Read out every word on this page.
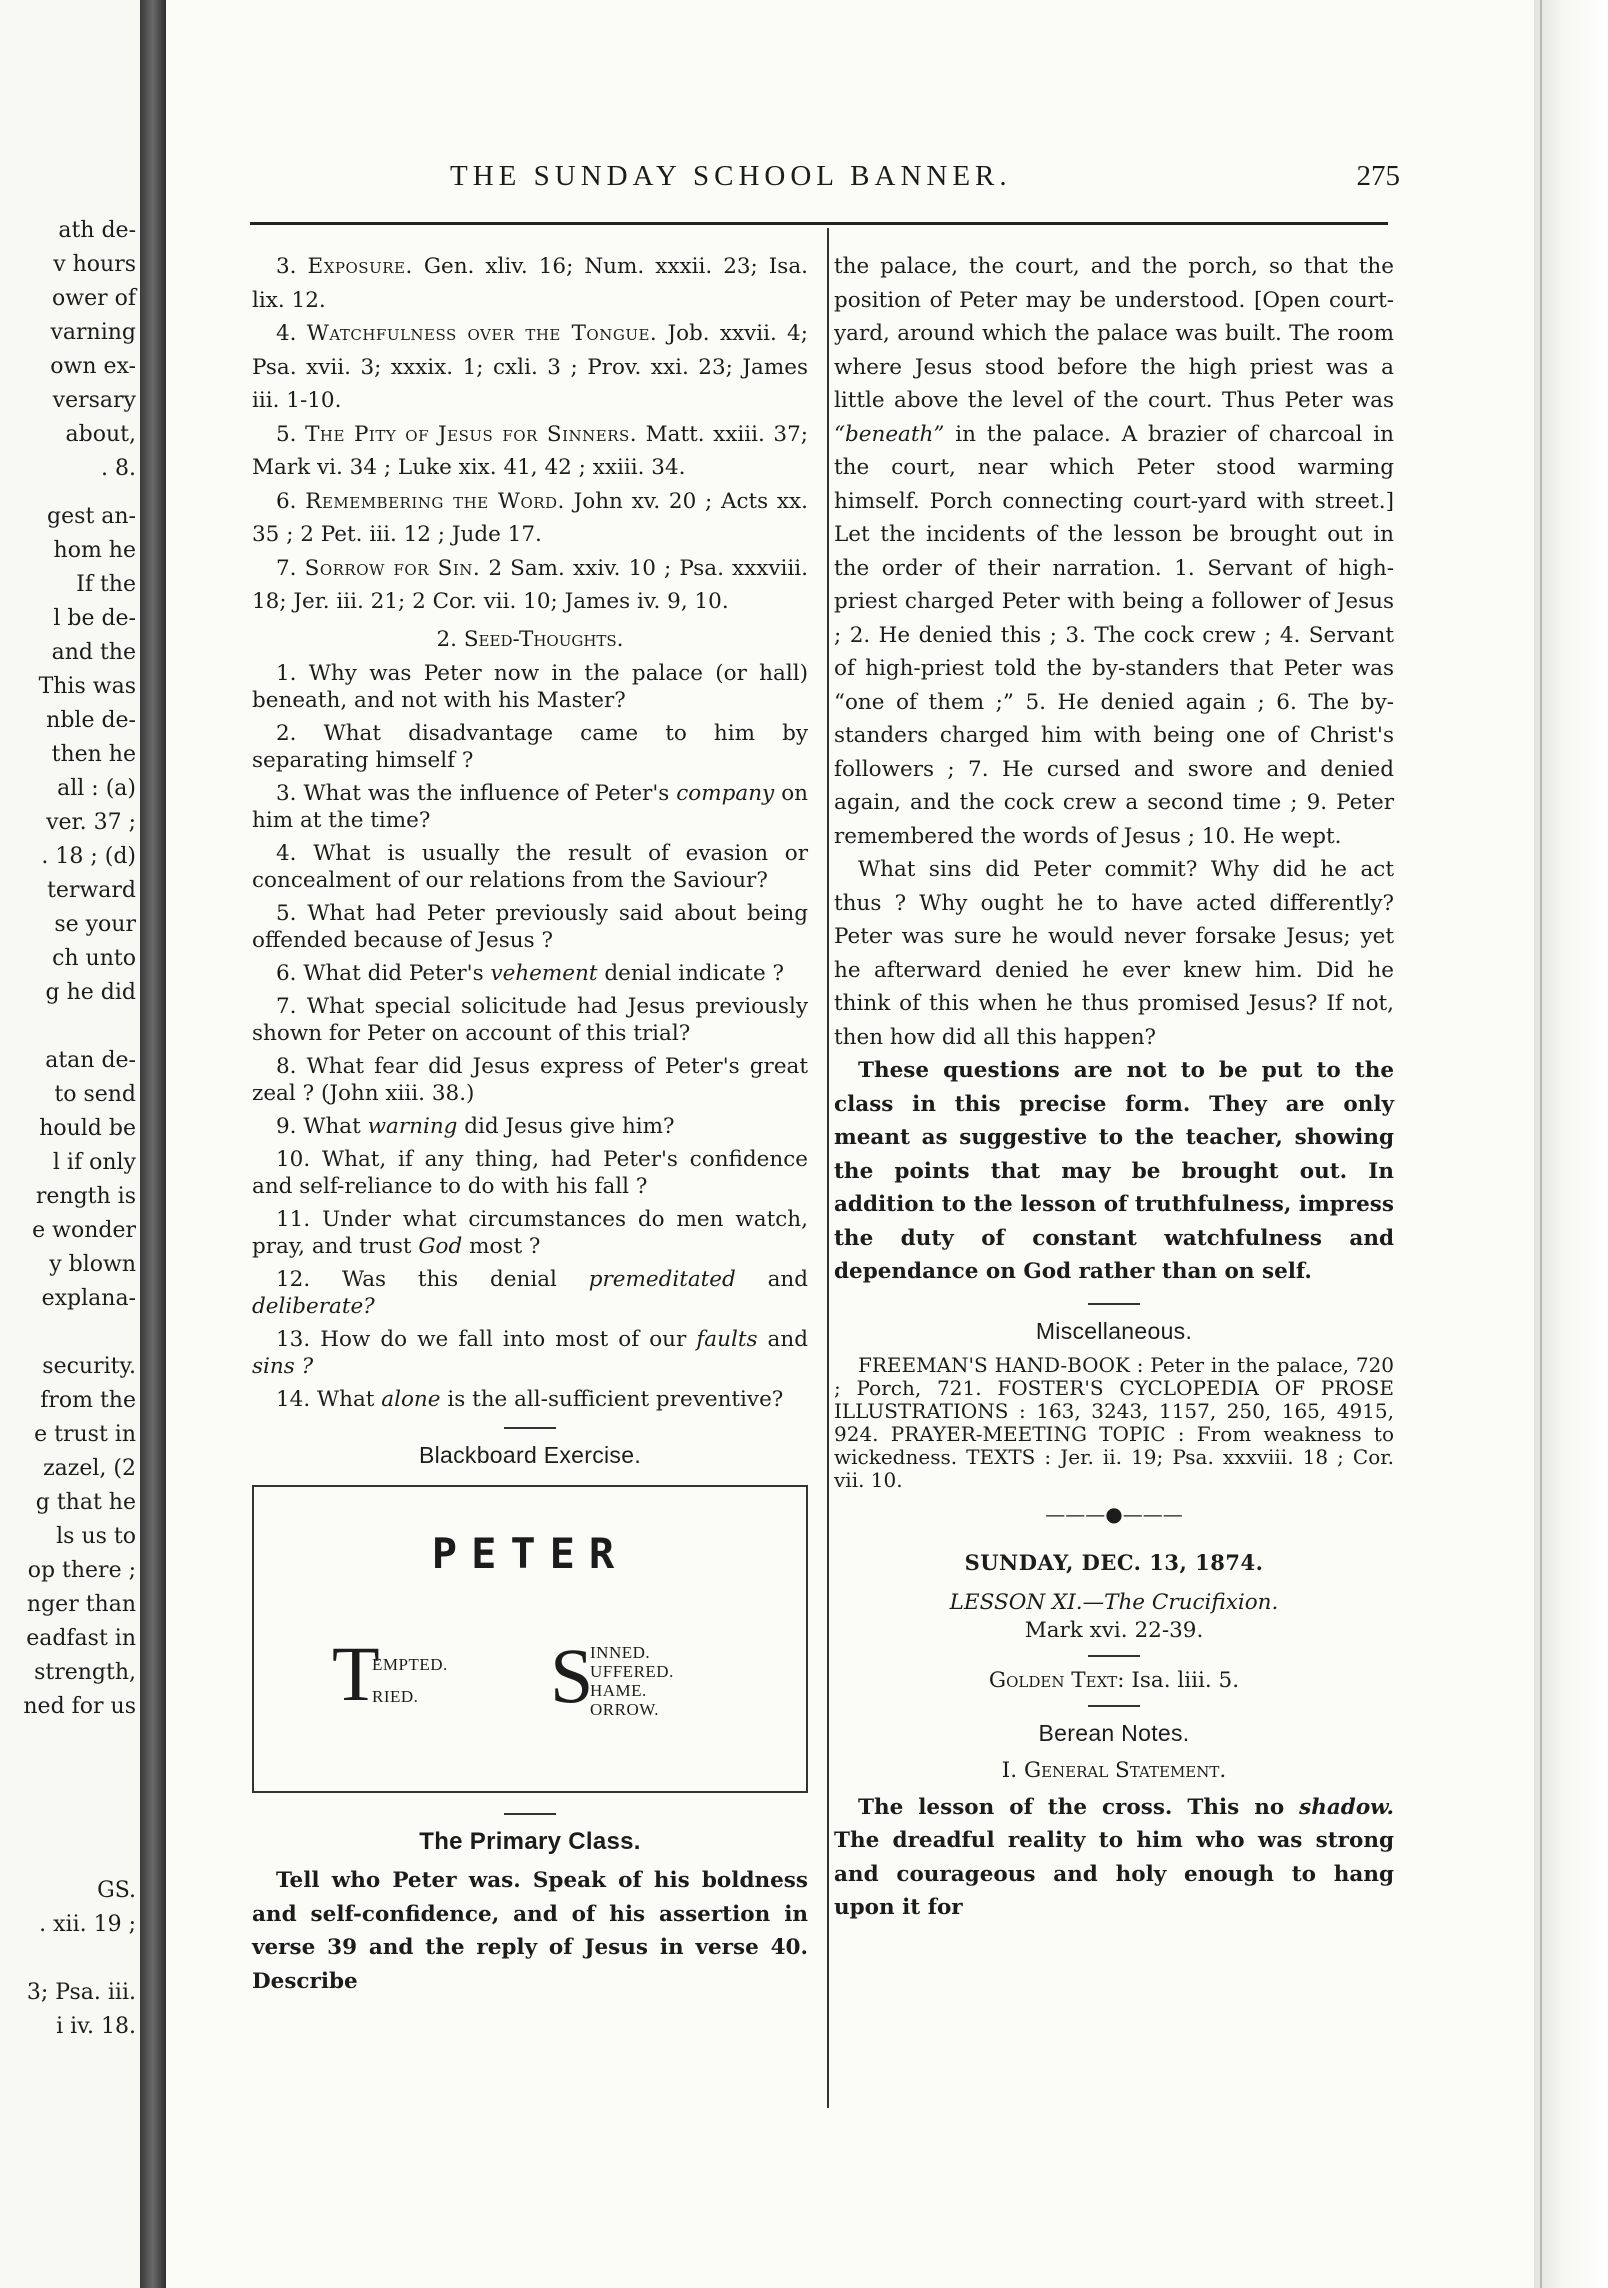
ath de-
v hours
ower of
varning
own ex-
versary
about,
. 8.
gest an-
hom he
If the
l be de-
and the
This was
nble de-
then he
all : (a)
ver. 37 ;
. 18 ; (d)
terward
se your
ch unto
g he did
atan de-
to send
hould be
l if only
rength is
e wonder
y blown
explana-
security.
from the
e trust in
zazel, (2
g that he
ls us to
op there ;
nger than
eadfast in
strength,
ned for us
GS.
. xii. 19 ;
3; Psa. iii.
i iv. 18.
THE SUNDAY SCHOOL BANNER.	275

3. Exposure. Gen. xliv. 16; Num. xxxii. 23; Isa. lix. 12.

4. Watchfulness over the Tongue. Job. xxvii. 4; Psa. xvii. 3; xxxix. 1; cxli. 3 ; Prov. xxi. 23; James iii. 1-10.

5. The Pity of Jesus for Sinners. Matt. xxiii. 37; Mark vi. 34 ; Luke xix. 41, 42 ; xxiii. 34.

6. Remembering the Word. John xv. 20 ; Acts xx. 35 ; 2 Pet. iii. 12 ; Jude 17.

7. Sorrow for Sin. 2 Sam. xxiv. 10 ; Psa. xxxviii. 18; Jer. iii. 21; 2 Cor. vii. 10; James iv. 9, 10.

2. Seed-Thoughts.

1. Why was Peter now in the palace (or hall) beneath, and not with his Master?

2. What disadvantage came to him by separating himself ?

3. What was the influence of Peter's company on him at the time?

4. What is usually the result of evasion or concealment of our relations from the Saviour?

5. What had Peter previously said about being offended because of Jesus ?

6. What did Peter's vehement denial indicate ?

7. What special solicitude had Jesus previously shown for Peter on account of this trial?

8. What fear did Jesus express of Peter's great zeal ? (John xiii. 38.)

9. What warning did Jesus give him?

10. What, if any thing, had Peter's confidence and self-reliance to do with his fall ?

11. Under what circumstances do men watch, pray, and trust God most ?

12. Was this denial premeditated and deliberate?

13. How do we fall into most of our faults and sins ?

14. What alone is the all-sufficient preventive?

Blackboard Exercise.

PETER
T
EMPTED.
RIED. S
INNED.
UFFERED.
HAME.
ORROW.

The Primary Class.

Tell who Peter was. Speak of his boldness and self-confidence, and of his assertion in verse 39 and the reply of Jesus in verse 40. Describe

the palace, the court, and the porch, so that the position of Peter may be understood. [Open court-yard, around which the palace was built. The room where Jesus stood before the high priest was a little above the level of the court. Thus Peter was “beneath” in the palace. A brazier of charcoal in the court, near which Peter stood warming himself. Porch connecting court-yard with street.] Let the incidents of the lesson be brought out in the order of their narration. 1. Servant of high-priest charged Peter with being a follower of Jesus ; 2. He denied this ; 3. The cock crew ; 4. Servant of high-priest told the by-standers that Peter was “one of them ;” 5. He denied again ; 6. The by-standers charged him with being one of Christ's followers ; 7. He cursed and swore and denied again, and the cock crew a second time ; 9. Peter remembered the words of Jesus ; 10. He wept.

What sins did Peter commit? Why did he act thus ? Why ought he to have acted differently? Peter was sure he would never forsake Jesus; yet he afterward denied he ever knew him. Did he think of this when he thus promised Jesus? If not, then how did all this happen?

These questions are not to be put to the class in this precise form. They are only meant as suggestive to the teacher, showing the points that may be brought out. In addition to the lesson of truthfulness, impress the duty of constant watchfulness and dependance on God rather than on self.

Miscellaneous.

FREEMAN'S HAND-BOOK : Peter in the palace, 720 ; Porch, 721. FOSTER'S CYCLOPEDIA OF PROSE ILLUSTRATIONS : 163, 3243, 1157, 250, 165, 4915, 924. PRAYER-MEETING TOPIC : From weakness to wickedness. TEXTS : Jer. ii. 19; Psa. xxxviii. 18 ; Cor. vii. 10.

———●———

SUNDAY, DEC. 13, 1874.

LESSON XI.—The Crucifixion.
Mark xvi. 22-39.

Golden Text: Isa. liii. 5.

Berean Notes.

I. General Statement.

The lesson of the cross. This no shadow. The dreadful reality to him who was strong and courageous and holy enough to hang upon it for
